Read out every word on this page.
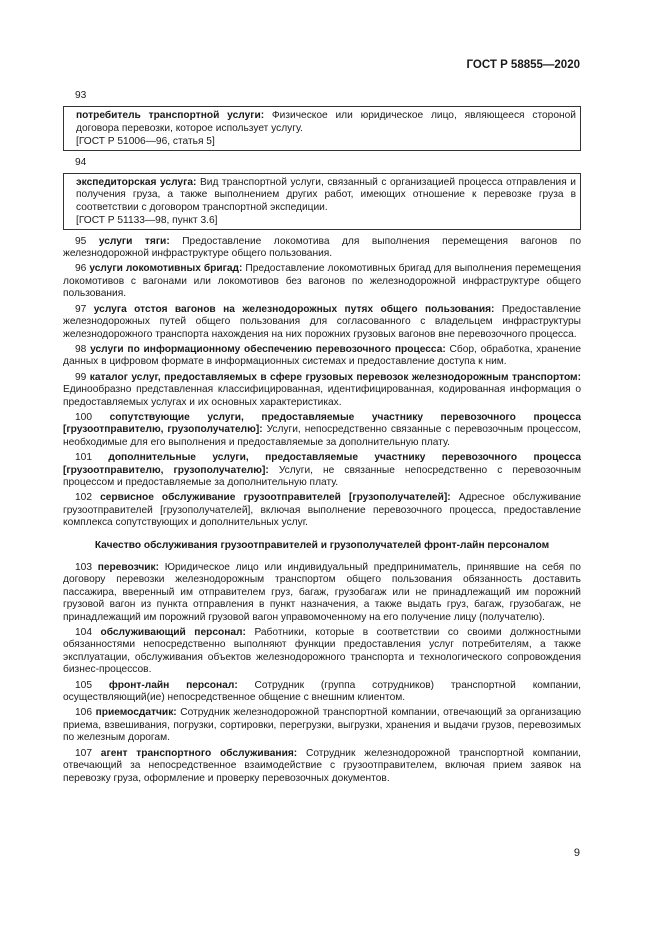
ГОСТ Р 58855—2020
93

потребитель транспортной услуги: Физическое или юридическое лицо, являющееся стороной договора перевозки, которое использует услугу.

[ГОСТ Р 51006—96, статья 5]

94

экспедиторская услуга: Вид транспортной услуги, связанный с организацией процесса отправления и получения груза, а также выполнением других работ, имеющих отношение к перевозке груза в соответствии с договором транспортной экспедиции.

[ГОСТ Р 51133—98, пункт 3.6]

95 услуги тяги: Предоставление локомотива для выполнения перемещения вагонов по железнодорожной инфраструктуре общего пользования.

96 услуги локомотивных бригад: Предоставление локомотивных бригад для выполнения перемещения локомотивов с вагонами или локомотивов без вагонов по железнодорожной инфраструктуре общего пользования.

97 услуга отстоя вагонов на железнодорожных путях общего пользования: Предоставление железнодорожных путей общего пользования для согласованного с владельцем инфраструктуры железнодорожного транспорта нахождения на них порожних грузовых вагонов вне перевозочного процесса.

98 услуги по информационному обеспечению перевозочного процесса: Сбор, обработка, хранение данных в цифровом формате в информационных системах и предоставление доступа к ним.

99 каталог услуг, предоставляемых в сфере грузовых перевозок железнодорожным транспортом: Единообразно представленная классифицированная, идентифицированная, кодированная информация о предоставляемых услугах и их основных характеристиках.

100 сопутствующие услуги, предоставляемые участнику перевозочного процесса [грузоотправителю, грузополучателю]: Услуги, непосредственно связанные с перевозочным процессом, необходимые для его выполнения и предоставляемые за дополнительную плату.

101 дополнительные услуги, предоставляемые участнику перевозочного процесса [грузоотправителю, грузополучателю]: Услуги, не связанные непосредственно с перевозочным процессом и предоставляемые за дополнительную плату.

102 сервисное обслуживание грузоотправителей [грузополучателей]: Адресное обслуживание грузоотправителей [грузополучателей], включая выполнение перевозочного процесса, предоставление комплекса сопутствующих и дополнительных услуг.

Качество обслуживания грузоотправителей и грузополучателей фронт-лайн персоналом

103 перевозчик: Юридическое лицо или индивидуальный предприниматель, принявшие на себя по договору перевозки железнодорожным транспортом общего пользования обязанность доставить пассажира, вверенный им отправителем груз, багаж, грузобагаж или не принадлежащий им порожний грузовой вагон из пункта отправления в пункт назначения, а также выдать груз, багаж, грузобагаж, не принадлежащий им порожний грузовой вагон управомоченному на его получение лицу (получателю).

104 обслуживающий персонал: Работники, которые в соответствии со своими должностными обязанностями непосредственно выполняют функции предоставления услуг потребителям, а также эксплуатации, обслуживания объектов железнодорожного транспорта и технологического сопровождения бизнес-процессов.

105 фронт-лайн персонал: Сотрудник (группа сотрудников) транспортной компании, осуществляющий(ие) непосредственное общение с внешним клиентом.

106 приемосдатчик: Сотрудник железнодорожной транспортной компании, отвечающий за организацию приема, взвешивания, погрузки, сортировки, перегрузки, выгрузки, хранения и выдачи грузов, перевозимых по железным дорогам.

107 агент транспортного обслуживания: Сотрудник железнодорожной транспортной компании, отвечающий за непосредственное взаимодействие с грузоотправителем, включая прием заявок на перевозку груза, оформление и проверку перевозочных документов.

9
